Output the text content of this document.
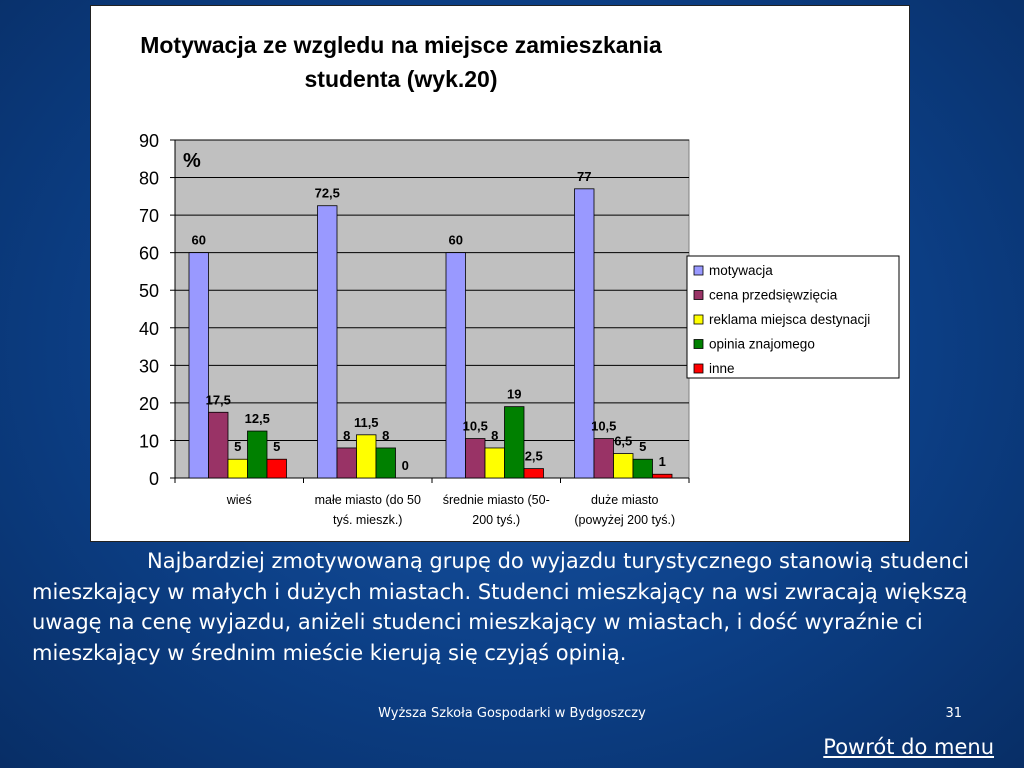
Motywacja ze wzgledu na miejsce zamieszkania
studenta (wyk.20)
0
10
20
30
40
50
60
70
80
90
%
60
17,5
5
12,5
5
wieś
72,5
8
11,5
8
0
małe miasto (do 50
tyś. mieszk.)
60
10,5
8
19
2,5
średnie miasto (50-
200 tyś.)
77
10,5
6,5 5
1
duże miasto
(powyżej 200 tyś.)
motywacja
cena przedsięwzięcia
reklama miejsca destynacji
opinia znajomego
inne

Najbardziej zmotywowaną grupę do wyjazdu turystycznego stanowią studenci mieszkający w małych i dużych miastach. Studenci mieszkający na wsi zwracają większą uwagę na cenę wyjazdu, aniżeli studenci mieszkający w miastach, i dość wyraźnie ci mieszkający w średnim mieście kierują się czyjąś opinią.

Wyższa Szkoła Gospodarki w Bydgoszczy	31
Powrót do menu
